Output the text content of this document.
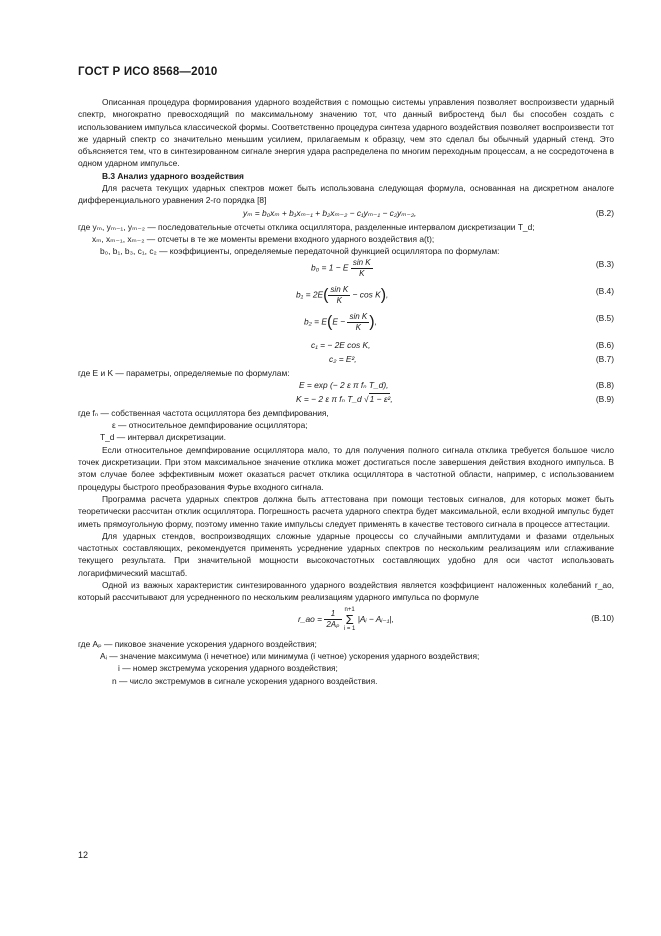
ГОСТ Р ИСО 8568—2010

Описанная процедура формирования ударного воздействия с помощью системы управления позволяет воспроизвести ударный спектр, многократно превосходящий по максимальному значению тот, что данный вибростенд был бы способен создать с использованием импульса классической формы. Соответственно процедура синтеза ударного воздействия позволяет воспроизвести тот же ударный спектр со значительно меньшим усилием, прилагаемым к образцу, чем это сделал бы обычный ударный стенд. Это объясняется тем, что в синтезированном сигнале энергия удара распределена по многим переходным процессам, а не сосредоточена в одном ударном импульсе.

В.3 Анализ ударного воздействия

Для расчета текущих ударных спектров может быть использована следующая формула, основанная на дискретном аналоге дифференциального уравнения 2-го порядка [8]

yₘ = b₀xₘ + b₁xₘ₋₁ + b₂xₘ₋₂ − c₁yₘ₋₁ − c₂yₘ₋₂,	(В.2)

где yₘ, yₘ₋₁, yₘ₋₂ — последовательные отсчеты отклика осциллятора, разделенные интервалом дискретизации T_d;

xₘ, xₘ₋₁, xₘ₋₂ — отсчеты в те же моменты времени входного ударного воздействия a(t);

b₀, b₁, b₃, c₁, c₂ — коэффициенты, определяемые передаточной функцией осциллятора по формулам:

b₀ = 1 − E $\frac{\text{sin K}}{K}$	(В.3)
$b_1 = 2E( \frac{\text{sin K}}{K} - \cos K)$,	(В.4)
$b_2 = E(E - \frac{\text{sin K}}{K}$ ),	(В.5)
c₁ = − 2E cos K,	(В.6)
c₂ = E²,	(В.7)

где E и K — параметры, определяемые по формулам:

E = exp (− 2 ε π fₙ T_d),	(В.8)
K = − 2 ε π fₙ T_d √1 − ε²,	(В.9)

где fₙ — собственная частота осциллятора без демпфирования,

ε — относительное демпфирование осциллятора;

T_d — интервал дискретизации.

Если относительное демпфирование осциллятора мало, то для получения полного сигнала отклика требуется большое число точек дискретизации. При этом максимальное значение отклика может достигаться после завершения действия входного импульса. В этом случае более эффективным может оказаться расчет отклика осциллятора в частотной области, например, с использованием процедуры быстрого преобразования Фурье входного сигнала.

Программа расчета ударных спектров должна быть аттестована при помощи тестовых сигналов, для которых может быть теоретически рассчитан отклик осциллятора. Погрешность расчета ударного спектра будет максимальной, если входной импульс будет иметь прямоугольную форму, поэтому именно такие импульсы следует применять в качестве тестового сигнала в процессе аттестации.

Для ударных стендов, воспроизводящих сложные ударные процессы со случайными амплитудами и фазами отдельных частотных составляющих, рекомендуется применять усреднение ударных спектров по нескольким реализациям или сглаживание текущего результата. При значительной мощности высокочастотных составляющих удобно для оси частот использовать логарифмический масштаб.

Одной из важных характеристик синтезированного ударного воздействия является коэффициент наложенных колебаний r_ao, который рассчитывают для усредненного по нескольким реализациям ударного импульса по формуле

r_ao = $\frac{1}{\text{2Aₚ}} n+1$
Σ
i = 1 |Aᵢ − Aᵢ₋₁|,	(В.10)

где Aₚ — пиковое значение ускорения ударного воздействия;

Aᵢ — значение максимума (i нечетное) или минимума (i четное) ускорения ударного воздействия;

i — номер экстремума ускорения ударного воздействия;

n — число экстремумов в сигнале ускорения ударного воздействия.

12
